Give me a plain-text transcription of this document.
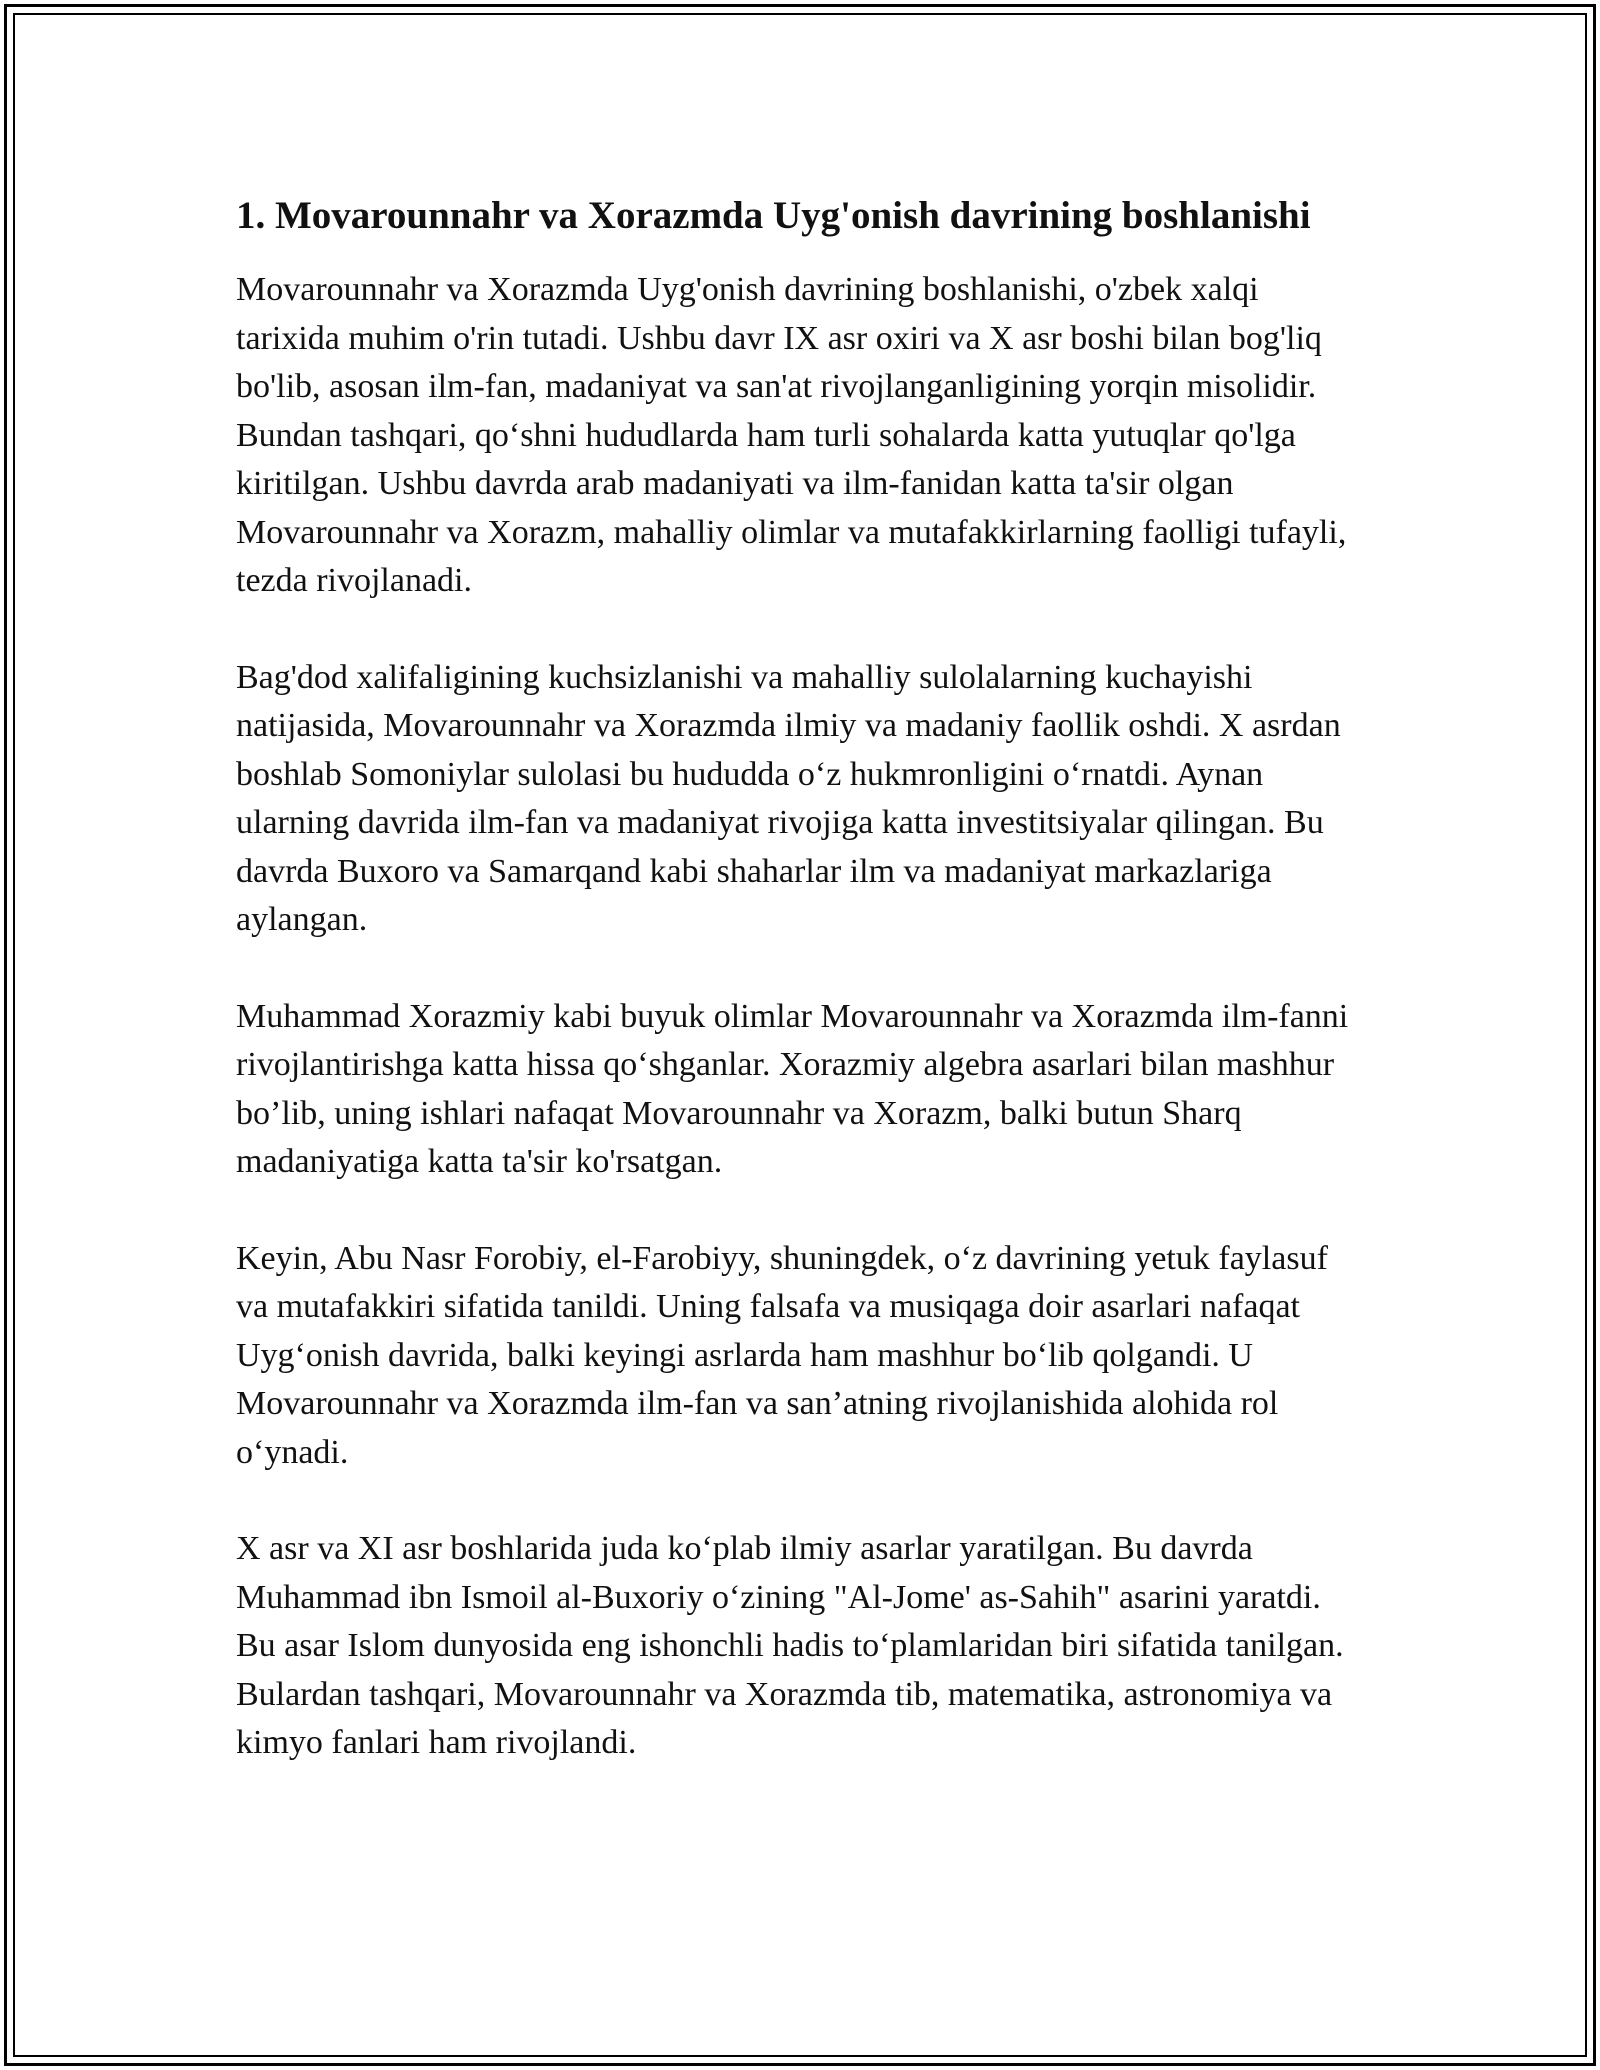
1. Movarounnahr va Xorazmda Uyg'onish davrining boshlanishi

Movarounnahr va Xorazmda Uyg'onish davrining boshlanishi, o'zbek xalqi tarixida muhim o'rin tutadi. Ushbu davr IX asr oxiri va X asr boshi bilan bog'liq bo'lib, asosan ilm-fan, madaniyat va san'at rivojlanganligining yorqin misolidir. Bundan tashqari, qo‘shni hududlarda ham turli sohalarda katta yutuqlar qo'lga kiritilgan. Ushbu davrda arab madaniyati va ilm-fanidan katta ta'sir olgan Movarounnahr va Xorazm, mahalliy olimlar va mutafakkirlarning faolligi tufayli, tezda rivojlanadi.

Bag'dod xalifaligining kuchsizlanishi va mahalliy sulolalarning kuchayishi natijasida, Movarounnahr va Xorazmda ilmiy va madaniy faollik oshdi. X asrdan boshlab Somoniylar sulolasi bu hududda o‘z hukmronligini o‘rnatdi. Aynan ularning davrida ilm-fan va madaniyat rivojiga katta investitsiyalar qilingan. Bu davrda Buxoro va Samarqand kabi shaharlar ilm va madaniyat markazlariga aylangan.

Muhammad Xorazmiy kabi buyuk olimlar Movarounnahr va Xorazmda ilm-fanni rivojlantirishga katta hissa qo‘shganlar. Xorazmiy algebra asarlari bilan mashhur bo’lib, uning ishlari nafaqat Movarounnahr va Xorazm, balki butun Sharq madaniyatiga katta ta'sir ko'rsatgan.

Keyin, Abu Nasr Forobiy, el-Farobiyy, shuningdek, o‘z davrining yetuk faylasuf va mutafakkiri sifatida tanildi. Uning falsafa va musiqaga doir asarlari nafaqat Uyg‘onish davrida, balki keyingi asrlarda ham mashhur bo‘lib qolgandi. U Movarounnahr va Xorazmda ilm-fan va san’atning rivojlanishida alohida rol o‘ynadi.

X asr va XI asr boshlarida juda ko‘plab ilmiy asarlar yaratilgan. Bu davrda Muhammad ibn Ismoil al-Buxoriy o‘zining "Al-Jome' as-Sahih" asarini yaratdi. Bu asar Islom dunyosida eng ishonchli hadis to‘plamlaridan biri sifatida tanilgan. Bulardan tashqari, Movarounnahr va Xorazmda tib, matematika, astronomiya va kimyo fanlari ham rivojlandi.
